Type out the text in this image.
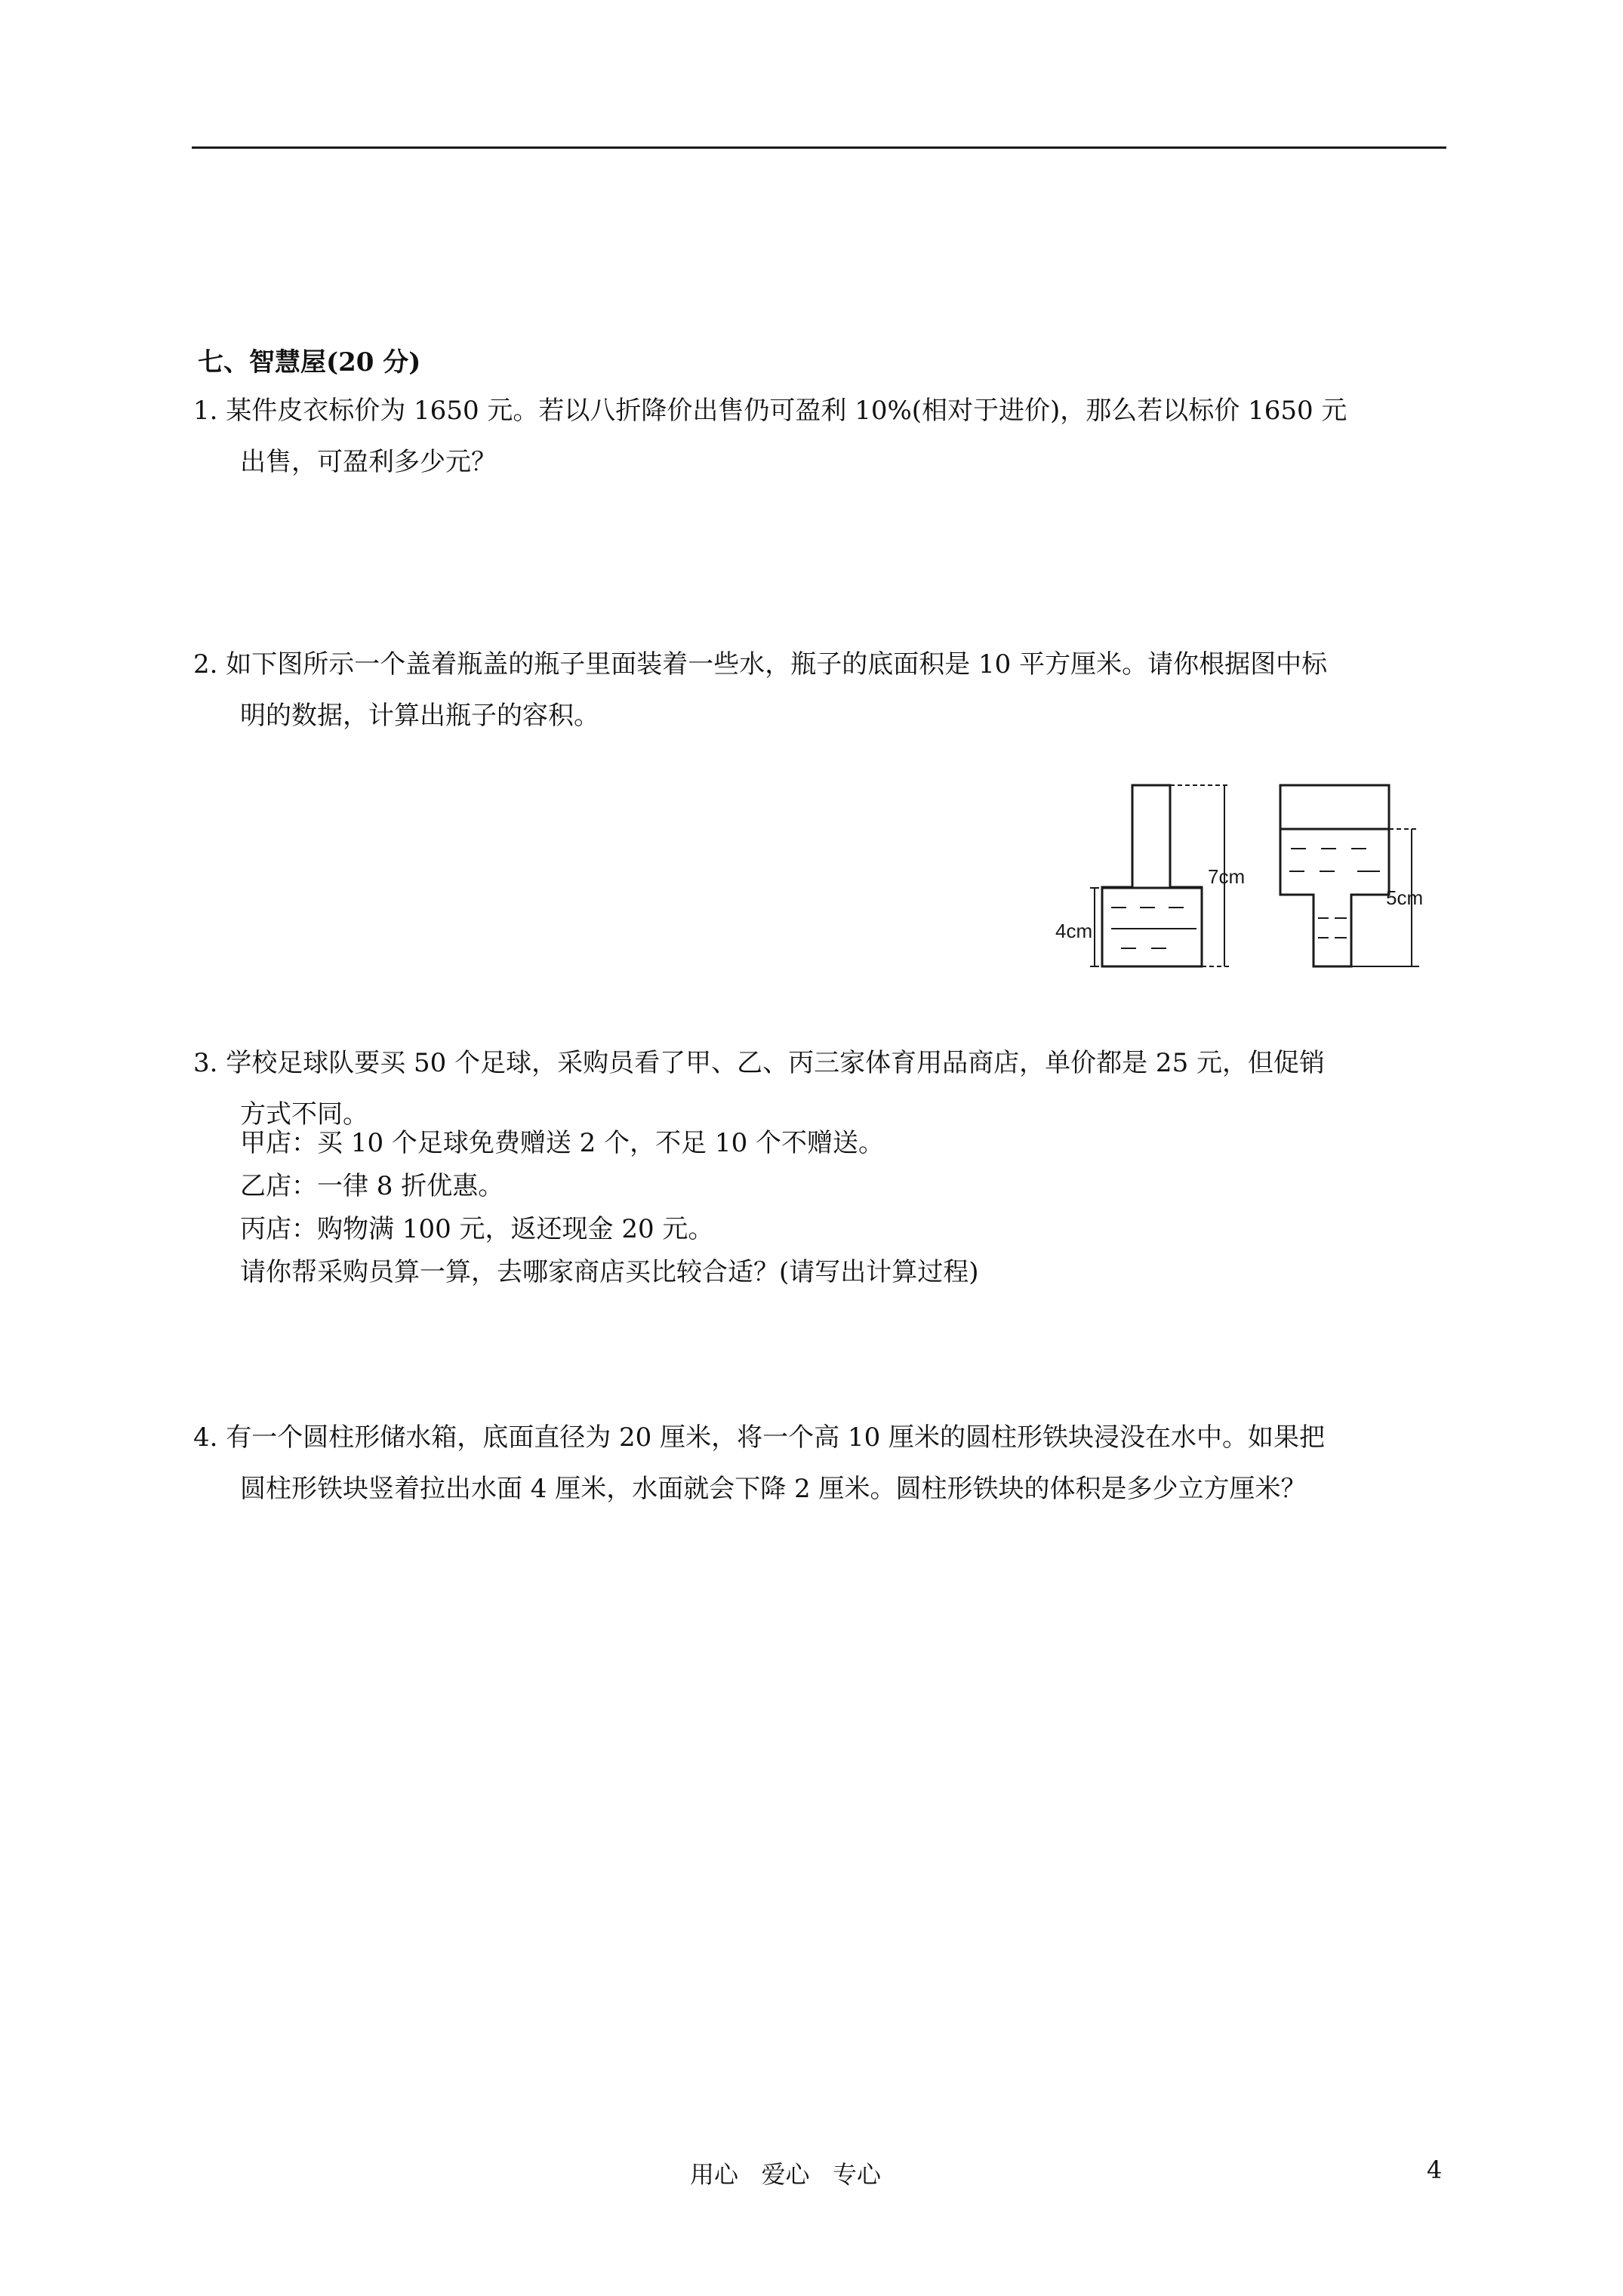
七、智慧屋(20 分)
1. 某件皮衣标价为 1650 元。若以八折降价出售仍可盈利 10%(相对于进价)，那么若以标价 1650 元
出售，可盈利多少元？
2. 如下图所示一个盖着瓶盖的瓶子里面装着一些水，瓶子的底面积是 10 平方厘米。请你根据图中标
明的数据，计算出瓶子的容积。
4cm
7cm
5cm
3. 学校足球队要买 50 个足球，采购员看了甲、乙、丙三家体育用品商店，单价都是 25 元，但促销
方式不同。
甲店：买 10 个足球免费赠送 2 个，不足 10 个不赠送。
乙店：一律 8 折优惠。
丙店：购物满 100 元，返还现金 20 元。
请你帮采购员算一算，去哪家商店买比较合适？(请写出计算过程)
4. 有一个圆柱形储水箱，底面直径为 20 厘米，将一个高 10 厘米的圆柱形铁块浸没在水中。如果把
圆柱形铁块竖着拉出水面 4 厘米，水面就会下降 2 厘米。圆柱形铁块的体积是多少立方厘米？
用心   爱心   专心	4
